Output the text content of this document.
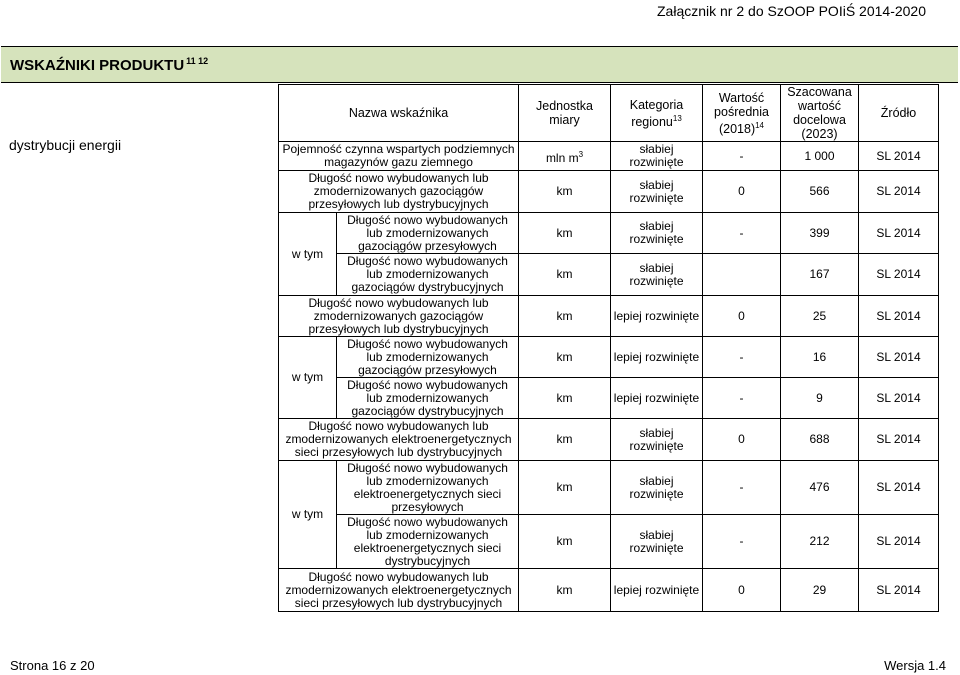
Załącznik nr 2 do SzOOP POIiŚ 2014-2020
WSKAŹNIKI PRODUKTU $^{11 12}$
dystrybucji energii
Nazwa wskaźnika		Jednostka miary	Kategoria regionu$^{13}$	Wartość pośrednia $(2018)^{14}$	Szacowana wartość docelowa (2023)	Źródło
Pojemność czynna wspartych podziemnych magazynów gazu ziemnego		mln $m^3$	słabiej rozwinięte	-	1 000	SL 2014
Długość nowo wybudowanych lub zmodernizowanych gazociągów przesyłowych lub dystrybucyjnych		km	słabiej rozwinięte	0	566	SL 2014
w tym	Długość nowo wybudowanych lub zmodernizowanych gazociągów przesyłowych	km	słabiej rozwinięte	-	399	SL 2014
	Długość nowo wybudowanych lub zmodernizowanych gazociągów dystrybucyjnych	km	słabiej rozwinięte		167	SL 2014
Długość nowo wybudowanych lub zmodernizowanych gazociągów przesyłowych lub dystrybucyjnych		km	lepiej rozwinięte	0	25	SL 2014
w tym	Długość nowo wybudowanych lub zmodernizowanych gazociągów przesyłowych	km	lepiej rozwinięte	-	16	SL 2014
	Długość nowo wybudowanych lub zmodernizowanych gazociągów dystrybucyjnych	km	lepiej rozwinięte	-	9	SL 2014
Długość nowo wybudowanych lub zmodernizowanych elektroenergetycznych sieci przesyłowych lub dystrybucyjnych		km	słabiej rozwinięte	0	688	SL 2014
w tym	Długość nowo wybudowanych lub zmodernizowanych elektroenergetycznych sieci przesyłowych	km	słabiej rozwinięte	-	476	SL 2014
	Długość nowo wybudowanych lub zmodernizowanych elektroenergetycznych sieci dystrybucyjnych	km	słabiej rozwinięte	-	212	SL 2014
Długość nowo wybudowanych lub zmodernizowanych elektroenergetycznych sieci przesyłowych lub dystrybucyjnych		km	lepiej rozwinięte	0	29	SL 2014
Strona 16 z 20	Wersja 1.4
